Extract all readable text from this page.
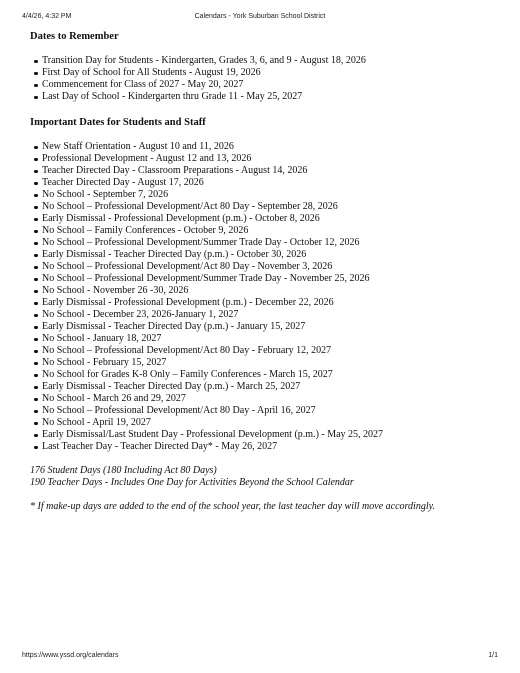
4/4/26, 4:32 PM	Calendars - York Suburban School District
Dates to Remember
Transition Day for Students - Kindergarten, Grades 3, 6, and 9 - August 18, 2026
First Day of School for All Students - August 19, 2026
Commencement for Class of 2027 - May 20, 2027
Last Day of School - Kindergarten thru Grade 11 - May 25, 2027
Important Dates for Students and Staff
New Staff Orientation - August 10 and 11, 2026
Professional Development - August 12 and 13, 2026
Teacher Directed Day - Classroom Preparations - August 14, 2026
Teacher Directed Day - August 17, 2026
No School - September 7, 2026
No School – Professional Development/Act 80 Day - September 28, 2026
Early Dismissal - Professional Development (p.m.) - October 8, 2026
No School – Family Conferences - October 9, 2026
No School – Professional Development/Summer Trade Day - October 12, 2026
Early Dismissal - Teacher Directed Day (p.m.) - October 30, 2026
No School – Professional Development/Act 80 Day - November 3, 2026
No School – Professional Development/Summer Trade Day - November 25, 2026
No School - November 26 -30, 2026
Early Dismissal - Professional Development (p.m.) - December 22, 2026
No School - December 23, 2026-January 1, 2027
Early Dismissal - Teacher Directed Day (p.m.) - January 15, 2027
No School - January 18, 2027
No School – Professional Development/Act 80 Day - February 12, 2027
No School - February 15, 2027
No School for Grades K-8 Only – Family Conferences - March 15, 2027
Early Dismissal - Teacher Directed Day (p.m.) - March 25, 2027
No School - March 26 and 29, 2027
No School – Professional Development/Act 80 Day - April 16, 2027
No School - April 19, 2027
Early Dismissal/Last Student Day - Professional Development (p.m.) - May 25, 2027
Last Teacher Day - Teacher Directed Day* - May 26, 2027

176 Student Days (180 Including Act 80 Days)

190 Teacher Days - Includes One Day for Activities Beyond the School Calendar

* If make-up days are added to the end of the school year, the last teacher day will move accordingly.

https://www.yssd.org/calendars	1/1
